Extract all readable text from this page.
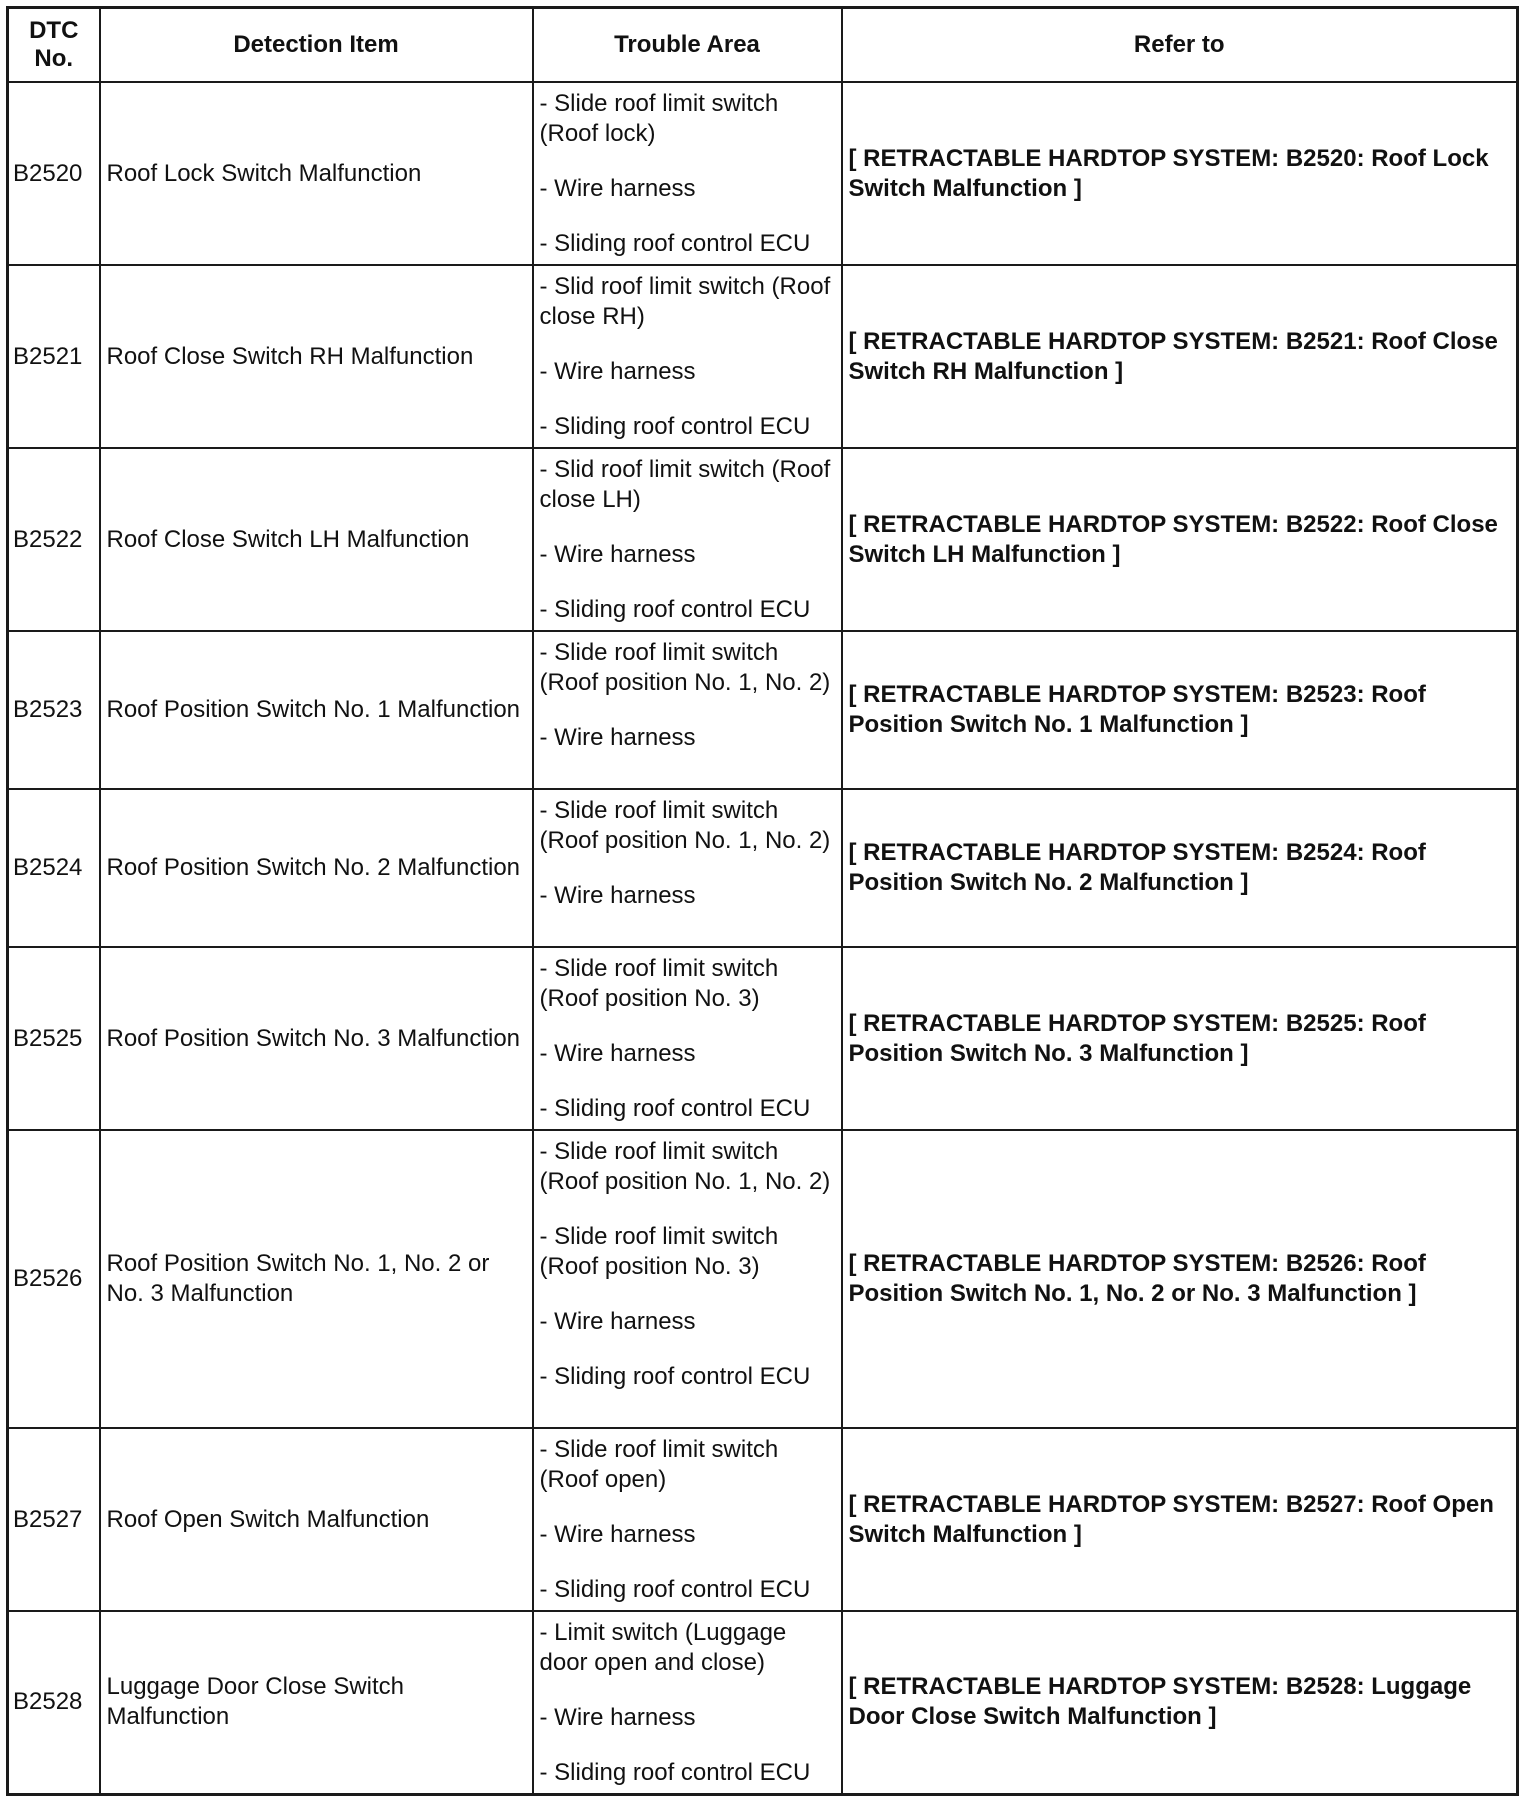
DTC No.	Detection Item	Trouble Area	Refer to
B2520	Roof Lock Switch Malfunction	- Slide roof limit switch (Roof lock)
- Wire harness
- Sliding roof control ECU	[ RETRACTABLE HARDTOP SYSTEM: B2520: Roof Lock Switch Malfunction ]
B2521	Roof Close Switch RH Malfunction	- Slid roof limit switch (Roof close RH)
- Wire harness
- Sliding roof control ECU	[ RETRACTABLE HARDTOP SYSTEM: B2521: Roof Close Switch RH Malfunction ]
B2522	Roof Close Switch LH Malfunction	- Slid roof limit switch (Roof close LH)
- Wire harness
- Sliding roof control ECU	[ RETRACTABLE HARDTOP SYSTEM: B2522: Roof Close Switch LH Malfunction ]
B2523	Roof Position Switch No. 1 Malfunction	- Slide roof limit switch (Roof position No. 1, No. 2)
- Wire harness	[ RETRACTABLE HARDTOP SYSTEM: B2523: Roof Position Switch No. 1 Malfunction ]
B2524	Roof Position Switch No. 2 Malfunction	- Slide roof limit switch (Roof position No. 1, No. 2)
- Wire harness	[ RETRACTABLE HARDTOP SYSTEM: B2524: Roof Position Switch No. 2 Malfunction ]
B2525	Roof Position Switch No. 3 Malfunction	- Slide roof limit switch (Roof position No. 3)
- Wire harness
- Sliding roof control ECU	[ RETRACTABLE HARDTOP SYSTEM: B2525: Roof Position Switch No. 3 Malfunction ]
B2526	Roof Position Switch No. 1, No. 2 or No. 3 Malfunction	- Slide roof limit switch (Roof position No. 1, No. 2)
- Slide roof limit switch (Roof position No. 3)
- Wire harness
- Sliding roof control ECU	[ RETRACTABLE HARDTOP SYSTEM: B2526: Roof Position Switch No. 1, No. 2 or No. 3 Malfunction ]
B2527	Roof Open Switch Malfunction	- Slide roof limit switch (Roof open)
- Wire harness
- Sliding roof control ECU	[ RETRACTABLE HARDTOP SYSTEM: B2527: Roof Open Switch Malfunction ]
B2528	Luggage Door Close Switch Malfunction	- Limit switch (Luggage door open and close)
- Wire harness
- Sliding roof control ECU	[ RETRACTABLE HARDTOP SYSTEM: B2528: Luggage Door Close Switch Malfunction ]
